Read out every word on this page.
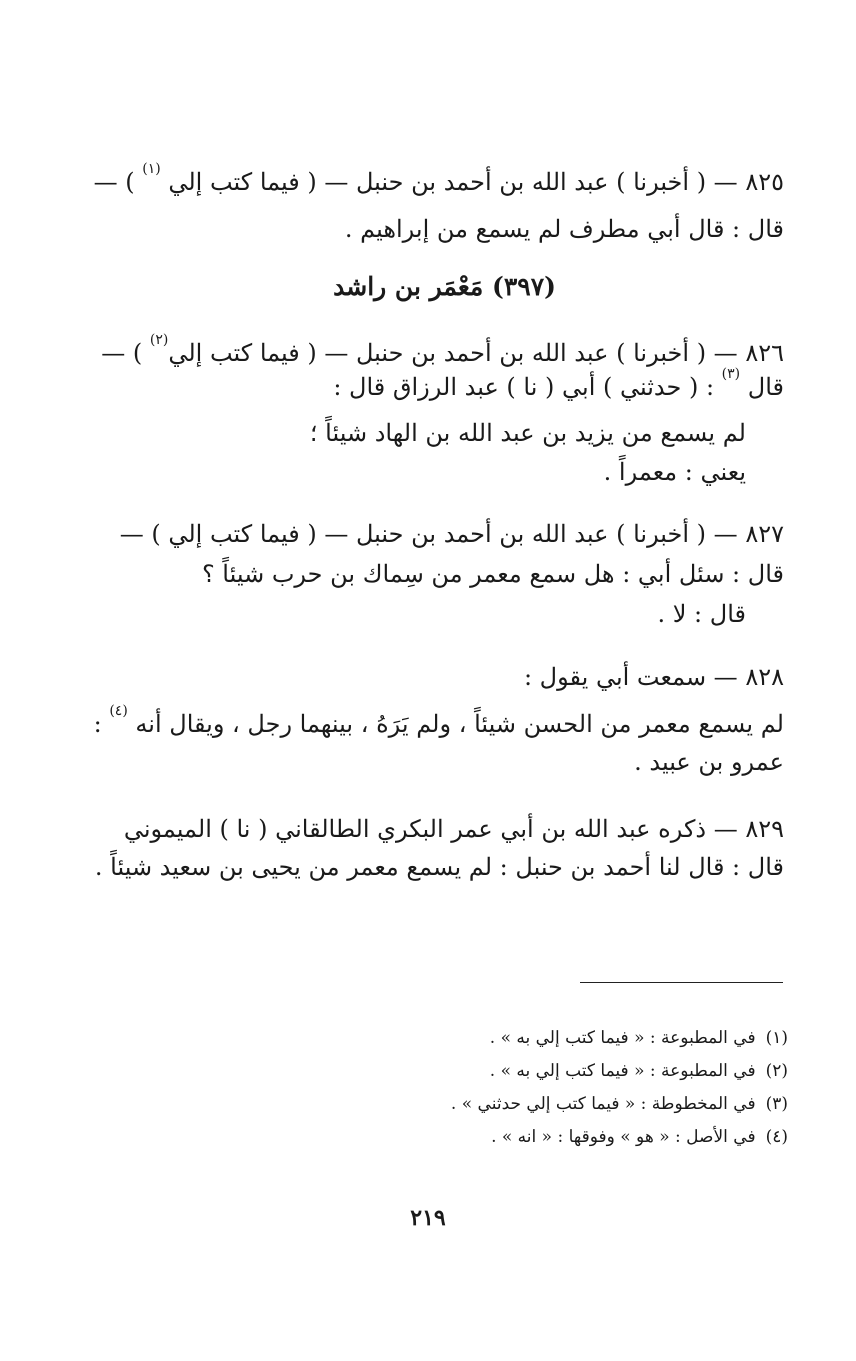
٨٢٥ — ( أخبرنا ) عبد الله بن أحمد بن حنبل — ( فيما كتب إلي $^{(١)}$ ) —
قال : قال أبي مطرف لم يسمع من إبراهيم .
(٣٩٧) مَعْمَر بن راشد
٨٢٦ — ( أخبرنا ) عبد الله بن أحمد بن حنبل — ( فيما كتب إلي$^{(٢)}$ ) —
قال $^{(٣)}$ : ( حدثني ) أبي ( نا ) عبد الرزاق قال :
لم يسمع من يزيد بن عبد الله بن الهاد شيئاً ؛
يعني : معمراً .
٨٢٧ — ( أخبرنا ) عبد الله بن أحمد بن حنبل — ( فيما كتب إلي ) —
قال : سئل أبي : هل سمع معمر من سِماك بن حرب شيئاً ؟
قال : لا .
٨٢٨ — سمعت أبي يقول :
لم يسمع معمر من الحسن شيئاً ، ولم يَرَهُ ، بينهما رجل ، ويقال أنه $^{(٤)}$ :
عمرو بن عبيد .
٨٢٩ — ذكره عبد الله بن أبي عمر البكري الطالقاني ( نا ) الميموني
قال : قال لنا أحمد بن حنبل : لم يسمع معمر من يحيى بن سعيد شيئاً .
(١)في المطبوعة : « فيما كتب إلي به » .
(٢)في المطبوعة : « فيما كتب إلي به » .
(٣)في المخطوطة : « فيما كتب إلي حدثني » .
(٤)في الأصل : « هو » وفوقها : « انه » .
٢١٩
